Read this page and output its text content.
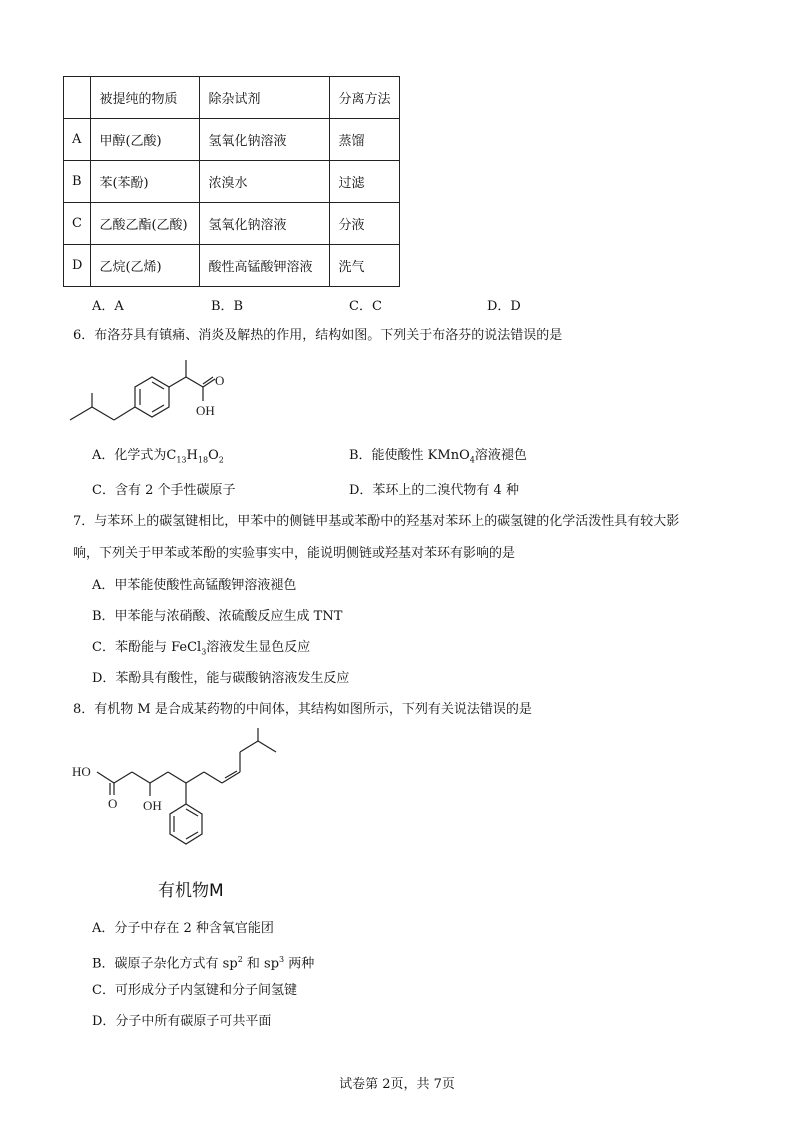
	被提纯的物质	除杂试剂	分离方法
A	甲醇(乙酸)	氢氧化钠溶液	蒸馏
B	苯(苯酚)	浓溴水	过滤
C	乙酸乙酯(乙酸)	氢氧化钠溶液	分液
D	乙烷(乙烯)	酸性高锰酸钾溶液	洗气
A．A	B．B	C．C	D．D
6．布洛芬具有镇痛、消炎及解热的作用，结构如图。下列关于布洛芬的说法错误的是
O
OH
A．化学式为$C_{13}H_{18}O_2$	B．能使酸性 KMnO$_4$溶液褪色
C．含有 2 个手性碳原子	D．苯环上的二溴代物有 4 种
7．与苯环上的碳氢键相比，甲苯中的侧链甲基或苯酚中的羟基对苯环上的碳氢键的化学活泼性具有较大影
响，下列关于甲苯或苯酚的实验事实中，能说明侧链或羟基对苯环有影响的是
A．甲苯能使酸性高锰酸钾溶液褪色
B．甲苯能与浓硝酸、浓硫酸反应生成 TNT
C．苯酚能与 FeCl$_3$溶液发生显色反应
D．苯酚具有酸性，能与碳酸钠溶液发生反应
8．有机物 M 是合成某药物的中间体，其结构如图所示，下列有关说法错误的是
HO
O OH
有机物M
A．分子中存在 2 种含氧官能团
B．碳原子杂化方式有 $sp^2$ 和 $sp^3$ 两种
C．可形成分子内氢键和分子间氢键
D．分子中所有碳原子可共平面
试卷第 2页，共 7页
